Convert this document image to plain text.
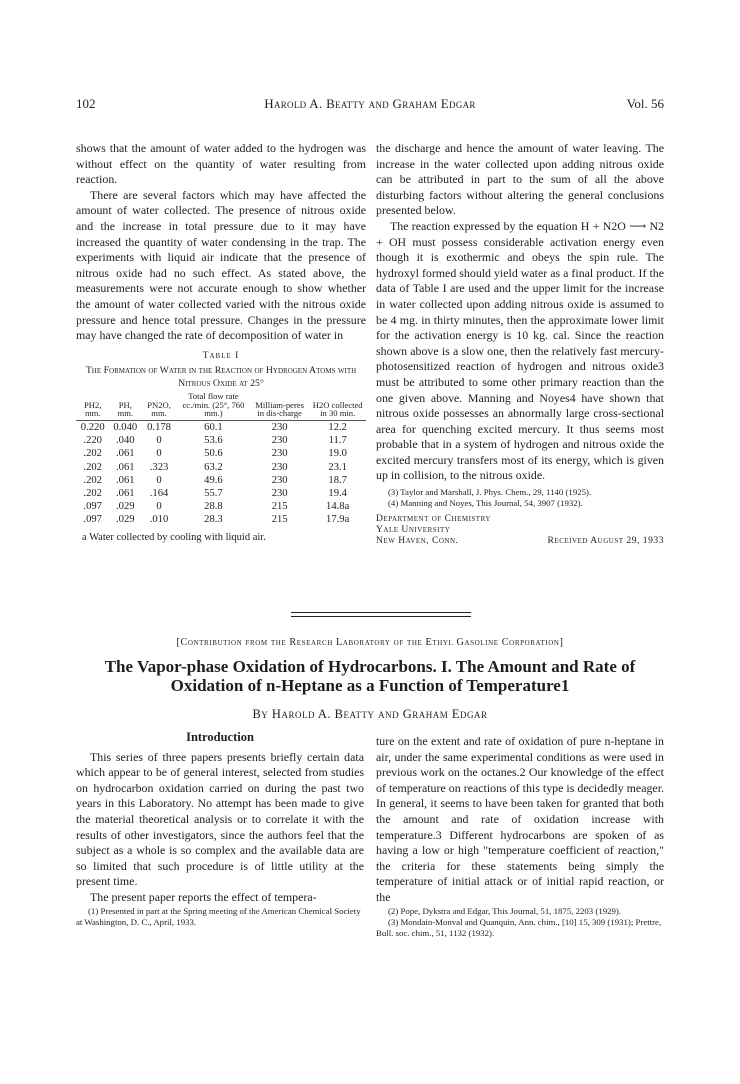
102	Harold A. Beatty and Graham Edgar	Vol. 56

shows that the amount of water added to the hydrogen was without effect on the quantity of water resulting from reaction.

There are several factors which may have affected the amount of water collected. The presence of nitrous oxide and the increase in total pressure due to it may have increased the quantity of water condensing in the trap. The experiments with liquid air indicate that the presence of nitrous oxide had no such effect. As stated above, the measurements were not accurate enough to show whether the amount of water collected varied with the nitrous oxide pressure and hence total pressure. Changes in the pressure may have changed the rate of decomposition of water in

Table I
The Formation of Water in the Reaction of Hydrogen Atoms with Nitrous Oxide at 25°
PH2, mm.	PH, mm.	PN2O, mm.	Total flow rate cc./min. (25°, 760 mm.)	Milliam-peres in dis-charge	H2O collected in 30 min.
0.220	0.040	0.178	60.1	230	12.2
.220	.040	0	53.6	230	11.7
.202	.061	0	50.6	230	19.0
.202	.061	.323	63.2	230	23.1
.202	.061	0	49.6	230	18.7
.202	.061	.164	55.7	230	19.4
.097	.029	0	28.8	215	14.8a
.097	.029	.010	28.3	215	17.9a
a Water collected by cooling with liquid air.

the discharge and hence the amount of water leaving. The increase in the water collected upon adding nitrous oxide can be attributed in part to the sum of all the above disturbing factors without altering the general conclusions presented below.

The reaction expressed by the equation H + N2O ⟶ N2 + OH must possess considerable activation energy even though it is exothermic and obeys the spin rule. The hydroxyl formed should yield water as a final product. If the data of Table I are used and the upper limit for the increase in water collected upon adding nitrous oxide is assumed to be 4 mg. in thirty minutes, then the approximate lower limit for the activation energy is 10 kg. cal. Since the reaction shown above is a slow one, then the relatively fast mercury-photosensitized reaction of hydrogen and nitrous oxide3 must be attributed to some other primary reaction than the one given above. Manning and Noyes4 have shown that nitrous oxide possesses an abnormally large cross-sectional area for quenching excited mercury. It thus seems most probable that in a system of hydrogen and nitrous oxide the excited mercury transfers most of its energy, which is given up in collision, to the nitrous oxide.

(3) Taylor and Marshall, J. Phys. Chem., 29, 1140 (1925).
(4) Manning and Noyes, This Journal, 54, 3907 (1932).
Department of Chemistry
Yale University
New Haven, Conn.	Received August 29, 1933
[Contribution from the Research Laboratory of the Ethyl Gasoline Corporation]
The Vapor-phase Oxidation of Hydrocarbons. I. The Amount and Rate of
Oxidation of n-Heptane as a Function of Temperature1
By Harold A. Beatty and Graham Edgar
Introduction

This series of three papers presents briefly certain data which appear to be of general interest, selected from studies on hydrocarbon oxidation carried on during the past two years in this Laboratory. No attempt has been made to give the material theoretical analysis or to correlate it with the results of other investigators, since the authors feel that the subject as a whole is so complex and the available data are so limited that such procedure is of little utility at the present time.

The present paper reports the effect of tempera-

(1) Presented in part at the Spring meeting of the American Chemical Society at Washington, D. C., April, 1933.

ture on the extent and rate of oxidation of pure n-heptane in air, under the same experimental conditions as were used in previous work on the octanes.2 Our knowledge of the effect of temperature on reactions of this type is decidedly meager. In general, it seems to have been taken for granted that both the amount and rate of oxidation increase with temperature.3 Different hydrocarbons are spoken of as having a low or high "temperature coefficient of reaction," the criteria for these statements being simply the temperature of initial attack or of initial rapid reaction, or the

(2) Pope, Dykstra and Edgar, This Journal, 51, 1875, 2203 (1929).
(3) Mondain-Monval and Quanquin, Ann. chim., [10] 15, 309 (1931); Prettre, Bull. soc. chim., 51, 1132 (1932).
